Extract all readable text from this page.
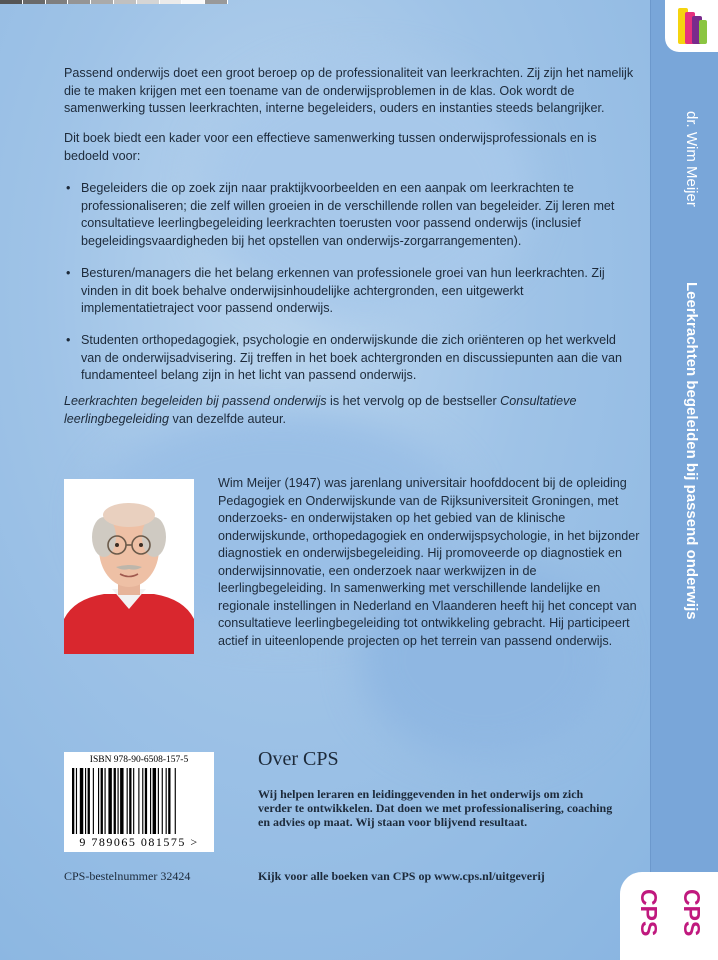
Passend onderwijs doet een groot beroep op de professionaliteit van leerkrachten. Zij zijn het namelijk die te maken krijgen met een toename van de onderwijsproblemen in de klas. Ook wordt de samenwerking tussen leerkrachten, interne begeleiders, ouders en instanties steeds belangrijker.
Dit boek biedt een kader voor een effectieve samenwerking tussen onderwijsprofessionals en is bedoeld voor:
• Begeleiders die op zoek zijn naar praktijkvoorbeelden en een aanpak om leerkrachten te professionaliseren; die zelf willen groeien in de verschillende rollen van begeleider. Zij leren met consultatieve leerlingbegeleiding leerkrachten toerusten voor passend onderwijs (inclusief begeleidingsvaardigheden bij het opstellen van onderwijs-zorgarrangementen).
• Besturen/managers die het belang erkennen van professionele groei van hun leerkrachten. Zij vinden in dit boek behalve onderwijsinhoudelijke achtergronden, een uitgewerkt implementatietraject voor passend onderwijs.
• Studenten orthopedagogiek, psychologie en onderwijskunde die zich oriënteren op het werkveld van de onderwijsadvisering. Zij treffen in het boek achtergronden en discussiepunten aan die van fundamenteel belang zijn in het licht van passend onderwijs.
Leerkrachten begeleiden bij passend onderwijs is het vervolg op de bestseller Consultatieve leerlingbegeleiding van dezelfde auteur.
Wim Meijer (1947) was jarenlang universitair hoofddocent bij de opleiding Pedagogiek en Onderwijskunde van de Rijksuniversiteit Groningen, met onderzoeks- en onderwijstaken op het gebied van de klinische onderwijskunde, orthopedagogiek en onderwijspsychologie, in het bijzonder diagnostiek en onderwijsbegeleiding. Hij promoveerde op diagnostiek en onderwijsinnovatie, een onderzoek naar werkwijzen in de leerlingbegeleiding. In samenwerking met verschillende landelijke en regionale instellingen in Nederland en Vlaanderen heeft hij het concept van consultatieve leerlingbegeleiding tot ontwikkeling gebracht. Hij participeert actief in uiteenlopende projecten op het terrein van passend onderwijs.
ISBN 978-90-6508-157-5
9 789065 081575 >
CPS-bestelnummer 32424
Over CPS
Wij helpen leraren en leidinggevenden in het onderwijs om zich verder te ontwikkelen. Dat doen we met professionalisering, coaching en advies op maat. Wij staan voor blijvend resultaat.
Kijk voor alle boeken van CPS op www.cps.nl/uitgeverij
dr. Wim Meijer
Leerkrachten begeleiden bij passend onderwijs
CPS CPS
